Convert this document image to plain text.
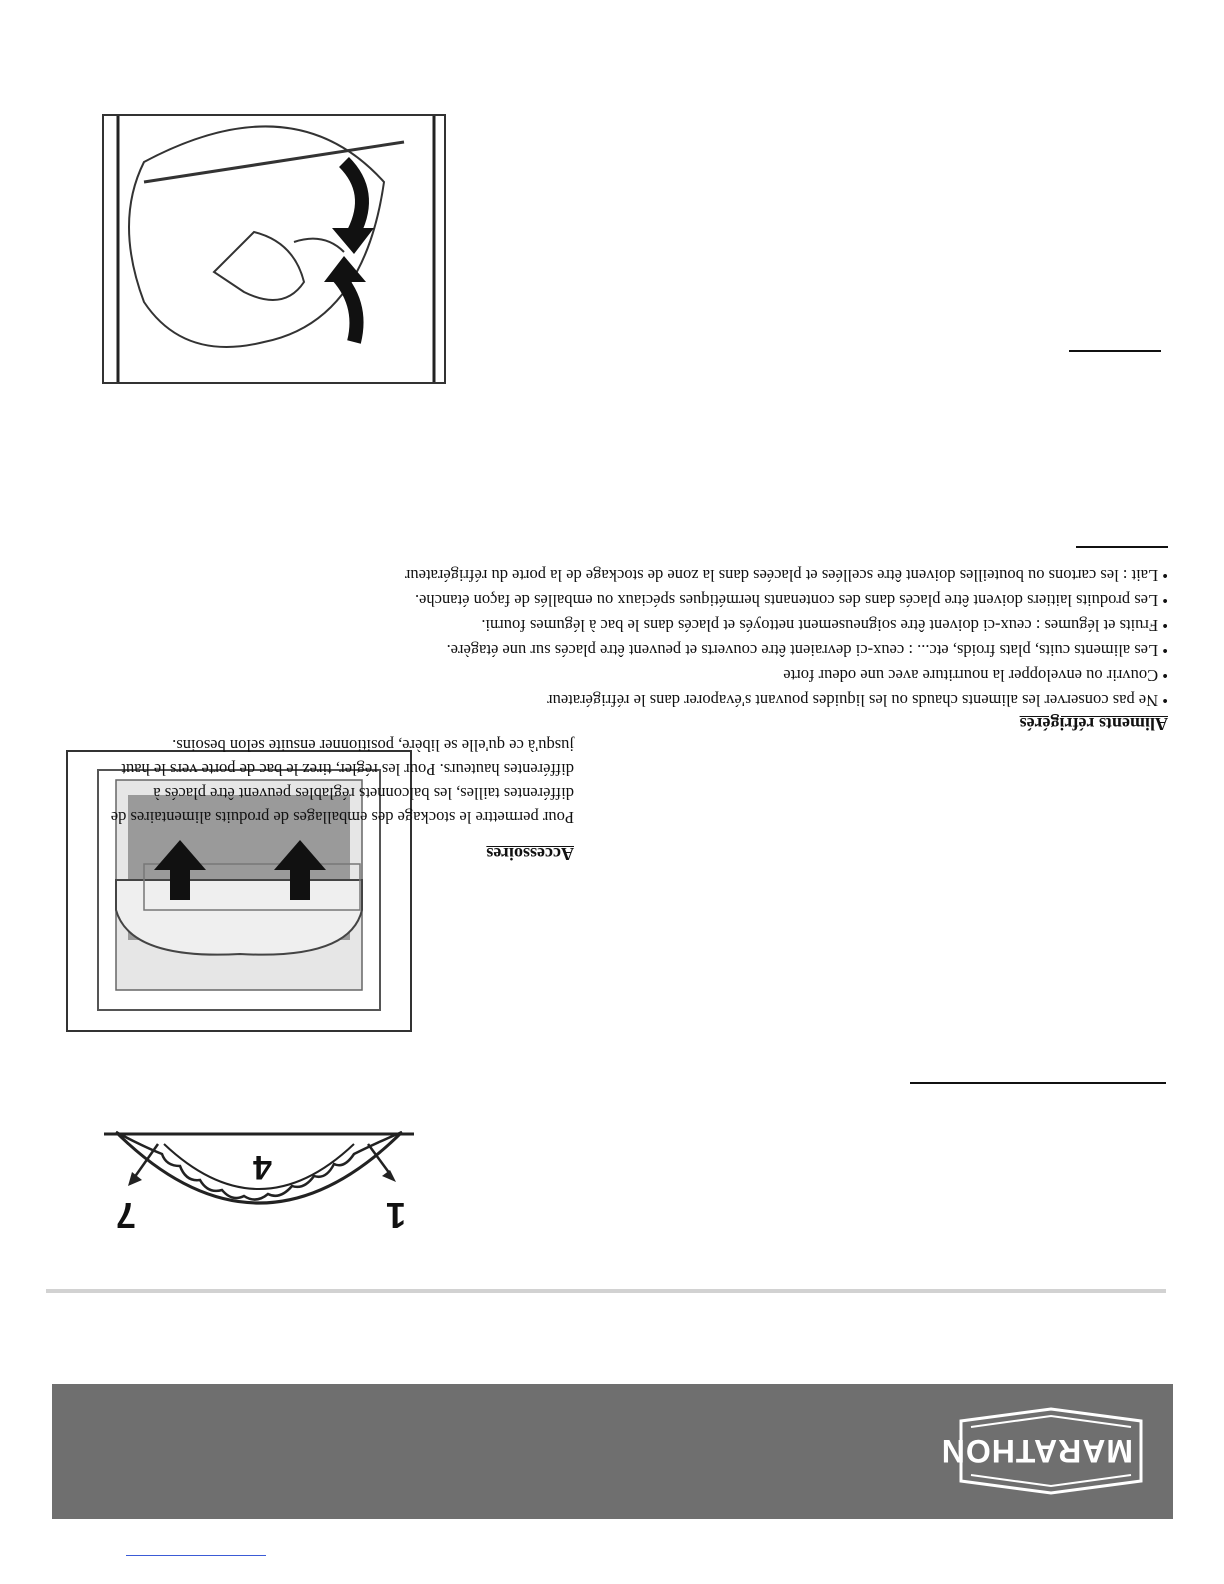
MARATHON
1
4
7
Accessoires

Pour permettre le stockage des emballages de produits alimentaires de

différentes tailles, les balconnets réglables peuvent être placés à

différentes hauteurs. Pour les régler, tirez le bac de porte vers le haut

jusqu'à ce qu'elle se libère, positionner ensuite selon besoins.

Aliments réfrigérés
• Ne pas conserver les aliments chauds ou les liquides pouvant s'évaporer dans le réfrigérateur
• Couvrir ou envelopper la nourriture avec une odeur forte
• Les aliments cuits, plats froids, etc... : ceux-ci devraient être couverts et peuvent être placés sur une étagère.
• Fruits et légumes : ceux-ci doivent être soigneusement nettoyés et placés dans le bac à légumes fourni.
• Les produits laitiers doivent être placés dans des contenants hermétiques spéciaux ou emballés de façon étanche.
• Lait : les cartons ou bouteilles doivent être scellées et placées dans la zone de stockage de la porte du réfrigérateur
